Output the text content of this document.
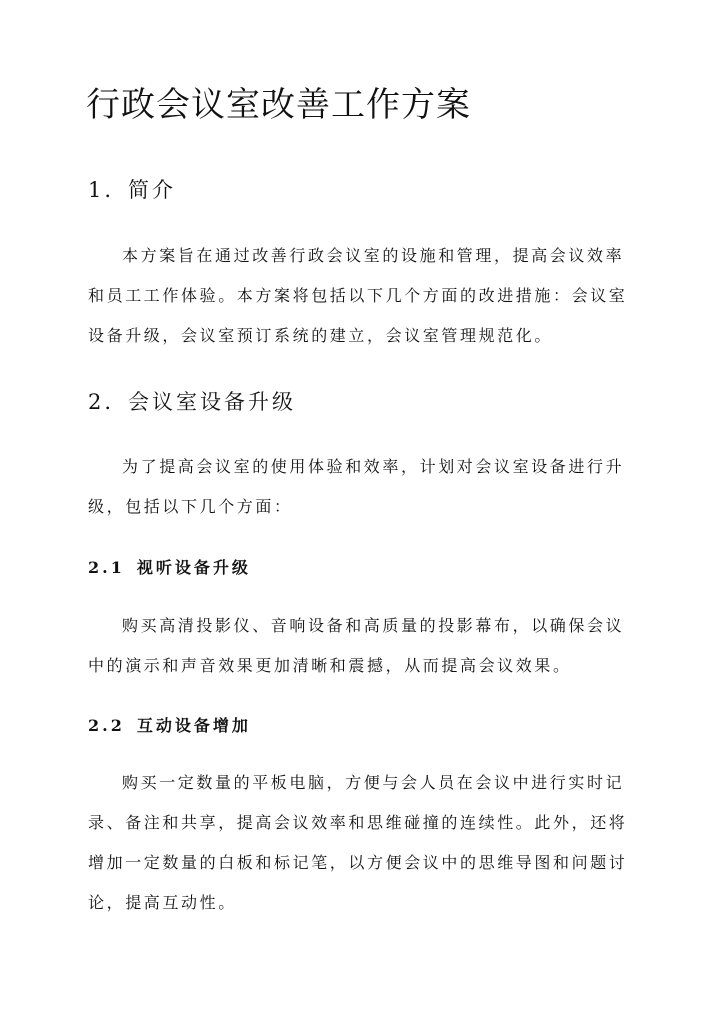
行政会议室改善工作方案
1. 简介

本方案旨在通过改善行政会议室的设施和管理，提高会议效率
和员工工作体验。本方案将包括以下几个方面的改进措施：会议室
设备升级，会议室预订系统的建立，会议室管理规范化。

2. 会议室设备升级

为了提高会议室的使用体验和效率，计划对会议室设备进行升
级，包括以下几个方面：

2.1 视听设备升级

购买高清投影仪、音响设备和高质量的投影幕布，以确保会议
中的演示和声音效果更加清晰和震撼，从而提高会议效果。

2.2 互动设备增加

购买一定数量的平板电脑，方便与会人员在会议中进行实时记
录、备注和共享，提高会议效率和思维碰撞的连续性。此外，还将
增加一定数量的白板和标记笔，以方便会议中的思维导图和问题讨
论，提高互动性。
